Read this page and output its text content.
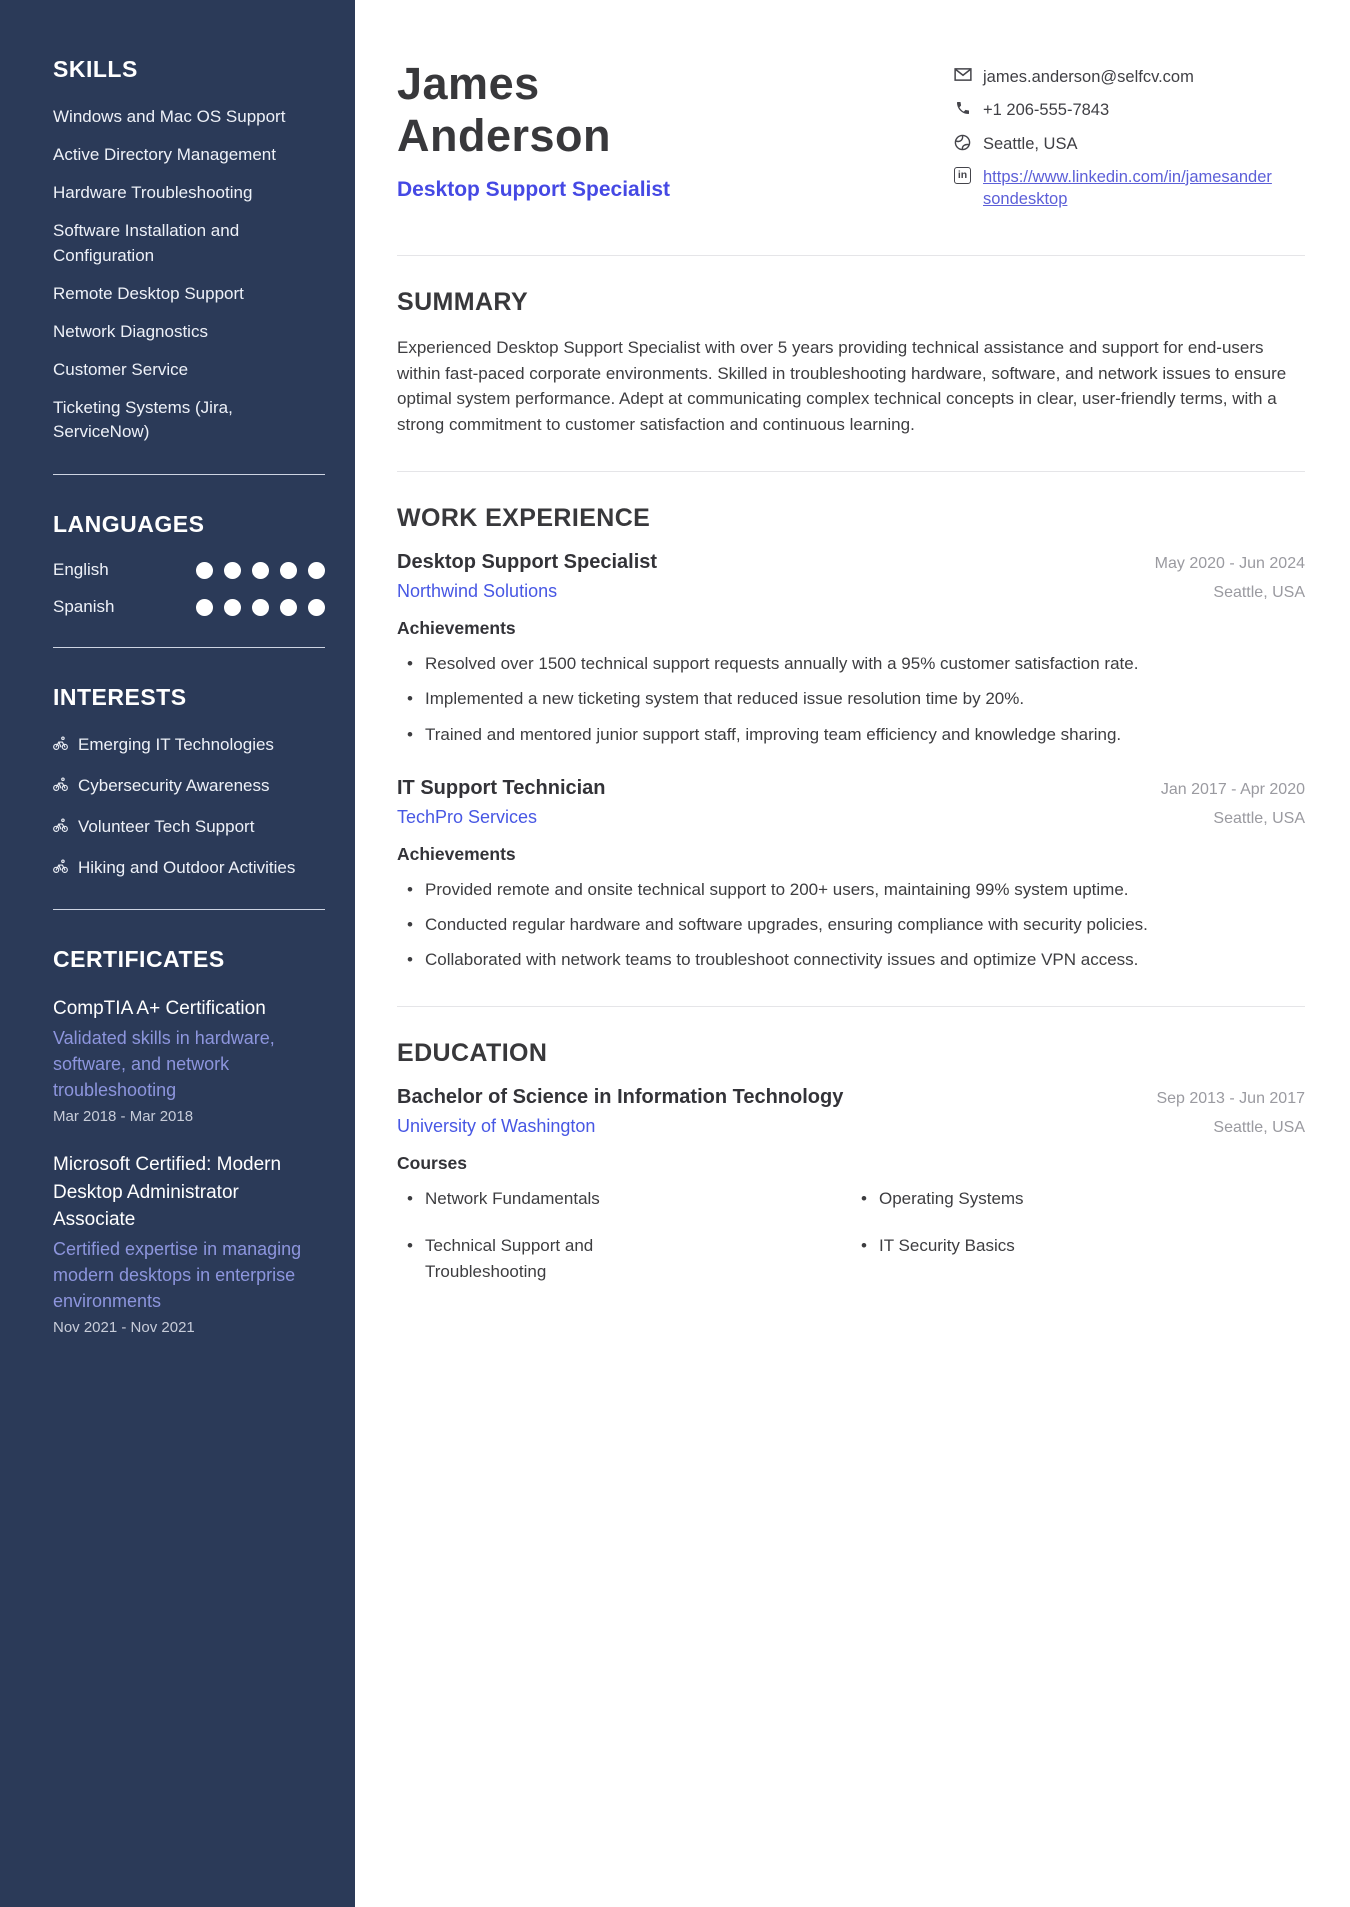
SKILLS
Windows and Mac OS Support
Active Directory Management
Hardware Troubleshooting
Software Installation and Configuration
Remote Desktop Support
Network Diagnostics
Customer Service
Ticketing Systems (Jira, ServiceNow)
LANGUAGES
English
Spanish
INTERESTS
Emerging IT Technologies
Cybersecurity Awareness
Volunteer Tech Support
Hiking and Outdoor Activities
CERTIFICATES
CompTIA A+ Certification
Validated skills in hardware, software, and network troubleshooting
Mar 2018 - Mar 2018
Microsoft Certified: Modern Desktop Administrator Associate
Certified expertise in managing modern desktops in enterprise environments
Nov 2021 - Nov 2021
James Anderson
Desktop Support Specialist
james.anderson@selfcv.com
+1 206-555-7843
Seattle, USA
in https://www.linkedin.com/in/jamesandersondesktop
SUMMARY

Experienced Desktop Support Specialist with over 5 years providing technical assistance and support for end-users within fast-paced corporate environments. Skilled in troubleshooting hardware, software, and network issues to ensure optimal system performance. Adept at communicating complex technical concepts in clear, user-friendly terms, with a strong commitment to customer satisfaction and continuous learning.

WORK EXPERIENCE
Desktop Support Specialist	May 2020 - Jun 2024
Northwind Solutions	Seattle, USA
Achievements
• Resolved over 1500 technical support requests annually with a 95% customer satisfaction rate.
• Implemented a new ticketing system that reduced issue resolution time by 20%.
• Trained and mentored junior support staff, improving team efficiency and knowledge sharing.
IT Support Technician	Jan 2017 - Apr 2020
TechPro Services	Seattle, USA
Achievements
• Provided remote and onsite technical support to 200+ users, maintaining 99% system uptime.
• Conducted regular hardware and software upgrades, ensuring compliance with security policies.
• Collaborated with network teams to troubleshoot connectivity issues and optimize VPN access.
EDUCATION
Bachelor of Science in Information Technology	Sep 2013 - Jun 2017
University of Washington	Seattle, USA
Courses
• Network Fundamentals
• Technical Support and Troubleshooting
• Operating Systems
• IT Security Basics
